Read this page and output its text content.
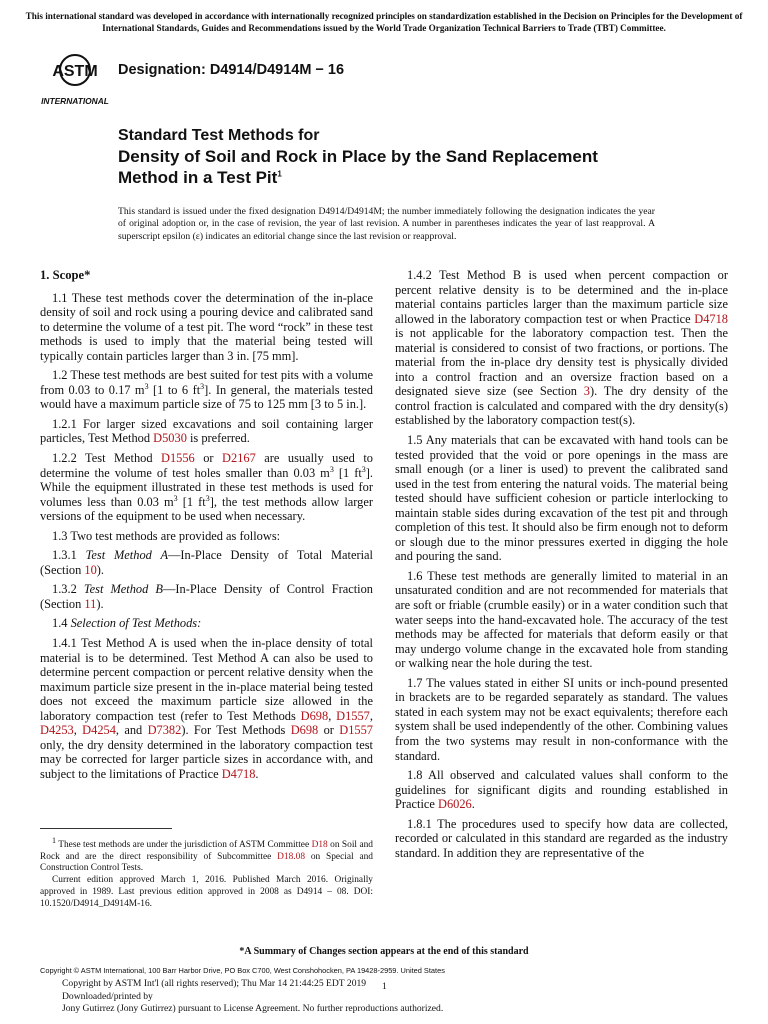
This international standard was developed in accordance with internationally recognized principles on standardization established in the Decision on Principles for the Development of International Standards, Guides and Recommendations issued by the World Trade Organization Technical Barriers to Trade (TBT) Committee.
ASTM
INTERNATIONAL
Designation: D4914/D4914M − 16
Standard Test Methods for
Density of Soil and Rock in Place by the Sand Replacement
Method in a Test Pit$^1$
This standard is issued under the fixed designation D4914/D4914M; the number immediately following the designation indicates the year of original adoption or, in the case of revision, the year of last revision. A number in parentheses indicates the year of last reapproval. A superscript epsilon (ε) indicates an editorial change since the last revision or reapproval.
1. Scope*

1.1 These test methods cover the determination of the in-place density of soil and rock using a pouring device and calibrated sand to determine the volume of a test pit. The word “rock” in these test methods is used to imply that the material being tested will typically contain particles larger than 3 in. [75 mm].

1.2 These test methods are best suited for test pits with a volume from 0.03 to 0.17 $m^3$ [1 to 6 $ft^3$]. In general, the materials tested would have a maximum particle size of 75 to 125 mm [3 to 5 in.].

1.2.1 For larger sized excavations and soil containing larger particles, Test Method D5030 is preferred.

1.2.2 Test Method D1556 or D2167 are usually used to determine the volume of test holes smaller than 0.03 $m^3$ [1 $ft^3$]. While the equipment illustrated in these test methods is used for volumes less than 0.03 $m^3$ [1 $ft^3$], the test methods allow larger versions of the equipment to be used when necessary.

1.3 Two test methods are provided as follows:

1.3.1 Test Method A—In-Place Density of Total Material (Section 10).

1.3.2 Test Method B—In-Place Density of Control Fraction (Section 11).

1.4 Selection of Test Methods:

1.4.1 Test Method A is used when the in-place density of total material is to be determined. Test Method A can also be used to determine percent compaction or percent relative density when the maximum particle size present in the in-place material being tested does not exceed the maximum particle size allowed in the laboratory compaction test (refer to Test Methods D698, D1557, D4253, D4254, and D7382). For Test Methods D698 or D1557 only, the dry density determined in the laboratory compaction test may be corrected for larger particle sizes in accordance with, and subject to the limitations of Practice D4718.

1.4.2 Test Method B is used when percent compaction or percent relative density is to be determined and the in-place material contains particles larger than the maximum particle size allowed in the laboratory compaction test or when Practice D4718 is not applicable for the laboratory compaction test. Then the material is considered to consist of two fractions, or portions. The material from the in-place dry density test is physically divided into a control fraction and an oversize fraction based on a designated sieve size (see Section 3). The dry density of the control fraction is calculated and compared with the dry density(s) established by the laboratory compaction test(s).

1.5 Any materials that can be excavated with hand tools can be tested provided that the void or pore openings in the mass are small enough (or a liner is used) to prevent the calibrated sand used in the test from entering the natural voids. The material being tested should have sufficient cohesion or particle interlocking to maintain stable sides during excavation of the test pit and through completion of this test. It should also be firm enough not to deform or slough due to the minor pressures exerted in digging the hole and pouring the sand.

1.6 These test methods are generally limited to material in an unsaturated condition and are not recommended for materials that are soft or friable (crumble easily) or in a water condition such that water seeps into the hand-excavated hole. The accuracy of the test methods may be affected for materials that deform easily or that may undergo volume change in the excavated hole from standing or walking near the hole during the test.

1.7 The values stated in either SI units or inch-pound presented in brackets are to be regarded separately as standard. The values stated in each system may not be exact equivalents; therefore each system shall be used independently of the other. Combining values from the two systems may result in non-conformance with the standard.

1.8 All observed and calculated values shall conform to the guidelines for significant digits and rounding established in Practice D6026.

1.8.1 The procedures used to specify how data are collected, recorded or calculated in this standard are regarded as the industry standard. In addition they are representative of the

$^1$ These test methods are under the jurisdiction of ASTM Committee D18 on Soil and Rock and are the direct responsibility of Subcommittee D18.08 on Special and Construction Control Tests.

Current edition approved March 1, 2016. Published March 2016. Originally approved in 1989. Last previous edition approved in 2008 as D4914 – 08. DOI: 10.1520/D4914_D4914M-16.

*A Summary of Changes section appears at the end of this standard
Copyright © ASTM International, 100 Barr Harbor Drive, PO Box C700, West Conshohocken, PA 19428-2959. United States
Copyright by ASTM Int'l (all rights reserved); Thu Mar 14 21:44:25 EDT 2019
Downloaded/printed by
Jony Gutirrez (Jony Gutirrez) pursuant to License Agreement. No further reproductions authorized.
1
